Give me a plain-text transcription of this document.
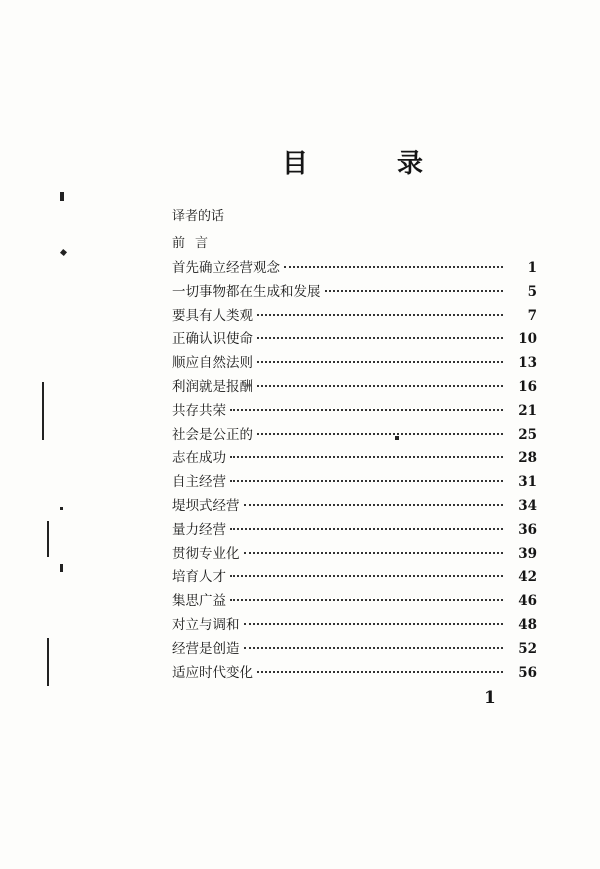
目 录
译者的话
前言
首先确立经营观念	1
一切事物都在生成和发展	5
要具有人类观	7
正确认识使命	10
顺应自然法则	13
利润就是报酬	16
共存共荣	21
社会是公正的	25
志在成功	28
自主经营	31
堤坝式经营	34
量力经营	36
贯彻专业化	39
培育人才	42
集思广益	46
对立与调和	48
经营是创造	52
适应时代变化	56
1
